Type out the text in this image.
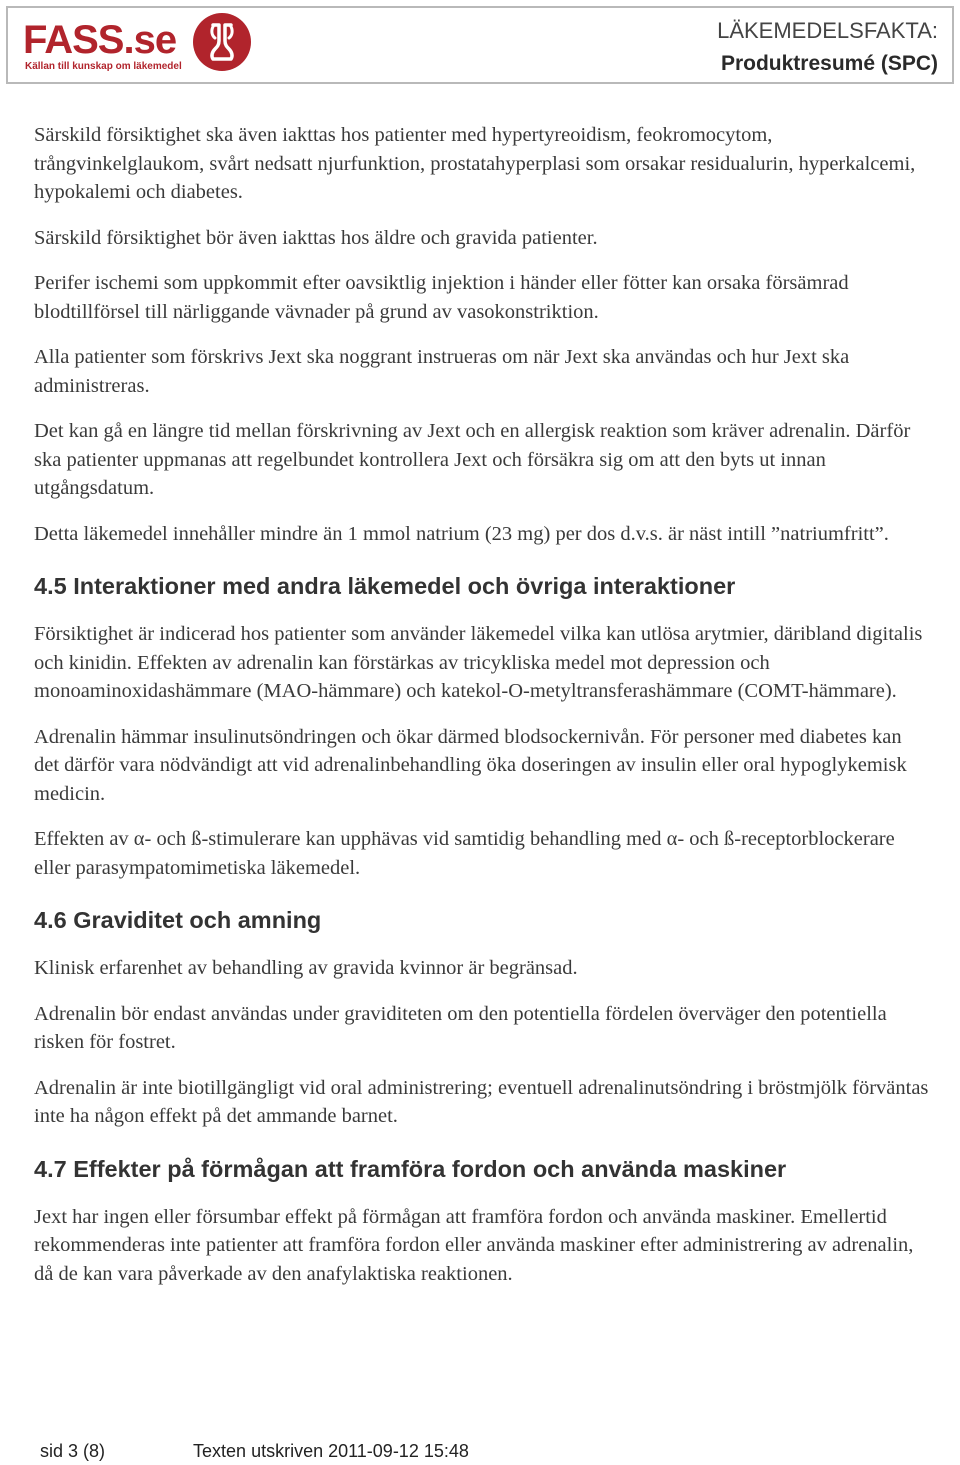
FASS.se
Källan till kunskap om läkemedel
LÄKEMEDELSFAKTA:
Produktresumé (SPC)

Särskild försiktighet ska även iakttas hos patienter med hypertyreoidism, feokromocytom, trångvinkelglaukom, svårt nedsatt njurfunktion, prostatahyperplasi som orsakar residualurin, hyperkalcemi, hypokalemi och diabetes.

Särskild försiktighet bör även iakttas hos äldre och gravida patienter.

Perifer ischemi som uppkommit efter oavsiktlig injektion i händer eller fötter kan orsaka försämrad blodtillförsel till närliggande vävnader på grund av vasokonstriktion.

Alla patienter som förskrivs Jext ska noggrant instrueras om när Jext ska användas och hur Jext ska administreras.

Det kan gå en längre tid mellan förskrivning av Jext och en allergisk reaktion som kräver adrenalin. Därför ska patienter uppmanas att regelbundet kontrollera Jext och försäkra sig om att den byts ut innan utgångsdatum.

Detta läkemedel innehåller mindre än 1 mmol natrium (23 mg) per dos d.v.s. är näst intill ”natriumfritt”.

4.5 Interaktioner med andra läkemedel och övriga interaktioner

Försiktighet är indicerad hos patienter som använder läkemedel vilka kan utlösa arytmier, däribland digitalis och kinidin. Effekten av adrenalin kan förstärkas av tricykliska medel mot depression och monoaminoxidashämmare (MAO-hämmare) och katekol-O-metyltransferashämmare (COMT-hämmare).

Adrenalin hämmar insulinutsöndringen och ökar därmed blodsockernivån. För personer med diabetes kan det därför vara nödvändigt att vid adrenalinbehandling öka doseringen av insulin eller oral hypoglykemisk medicin.

Effekten av α- och ß-stimulerare kan upphävas vid samtidig behandling med α- och ß-receptorblockerare eller parasympatomimetiska läkemedel.

4.6 Graviditet och amning

Klinisk erfarenhet av behandling av gravida kvinnor är begränsad.

Adrenalin bör endast användas under graviditeten om den potentiella fördelen överväger den potentiella risken för fostret.

Adrenalin är inte biotillgängligt vid oral administrering; eventuell adrenalinutsöndring i bröstmjölk förväntas inte ha någon effekt på det ammande barnet.

4.7 Effekter på förmågan att framföra fordon och använda maskiner

Jext har ingen eller försumbar effekt på förmågan att framföra fordon och använda maskiner. Emellertid rekommenderas inte patienter att framföra fordon eller använda maskiner efter administrering av adrenalin, då de kan vara påverkade av den anafylaktiska reaktionen.

sid 3 (8)	Texten utskriven 2011-09-12 15:48
